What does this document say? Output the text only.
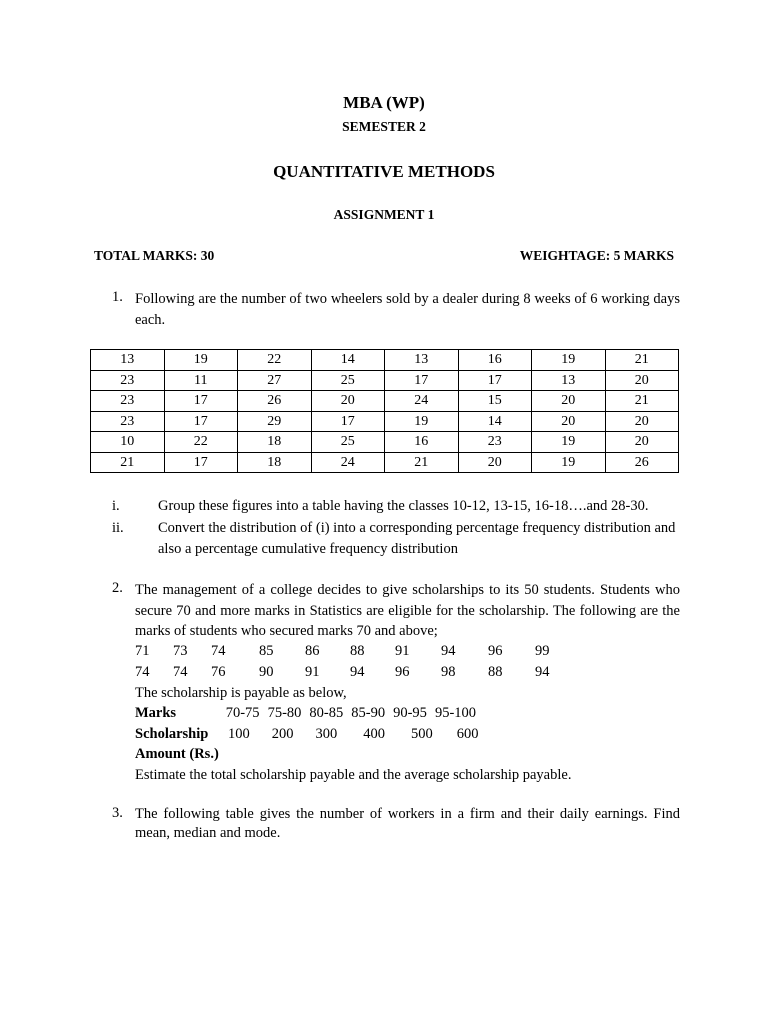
MBA (WP)
SEMESTER 2
QUANTITATIVE METHODS
ASSIGNMENT 1
TOTAL MARKS: 30	WEIGHTAGE: 5 MARKS
1. Following are the number of two wheelers sold by a dealer during 8 weeks of 6 working days each.
13	19	22	14	13	16	19	21
23	11	27	25	17	17	13	20
23	17	26	20	24	15	20	21
23	17	29	17	19	14	20	20
10	22	18	25	16	23	19	20
21	17	18	24	21	20	19	26
i.	Group these figures into a table having the classes 10-12, 13-15, 16-18….and 28-30.
ii. Convert the distribution of (i) into a corresponding percentage frequency distribution and also a percentage cumulative frequency distribution
2. The management of a college decides to give scholarships to its 50 students. Students who secure 70 and more marks in Statistics are eligible for the scholarship. The following are the marks of students who secured marks 70 and above;
71 73 74 85 86 88 91 94 96 99
74 74 76 90 91 94 96 98 88 94
The scholarship is payable as below,
Marks	70-75 75-80 80-85 85-90 90-95 95-100
Scholarship 100 200 300 400 500 600
Amount (Rs.)
Estimate the total scholarship payable and the average scholarship payable.
3. The following table gives the number of workers in a firm and their daily earnings. Find mean, median and mode.
